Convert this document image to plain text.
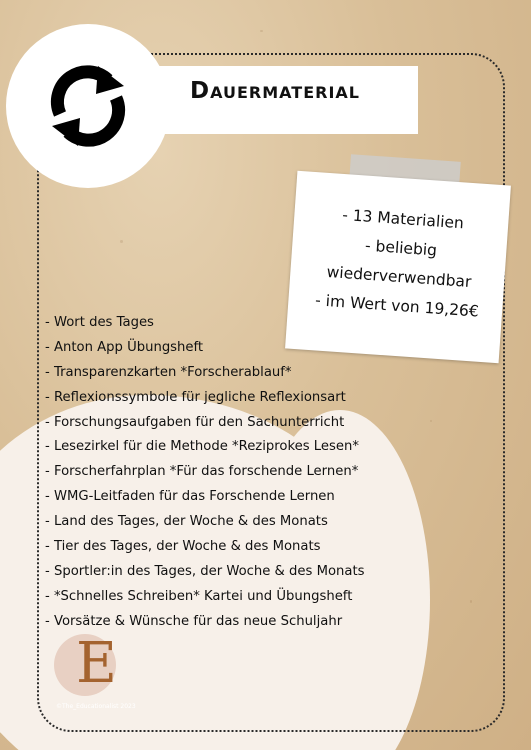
Dauermaterial
- 13 Materialien
- beliebig
wiederverwendbar
- im Wert von 19,26€
- Wort des Tages
- Anton App Übungsheft
- Transparenzkarten *Forscherablauf*
- Reflexionssymbole für jegliche Reflexionsart
- Forschungsaufgaben für den Sachunterricht
- Lesezirkel für die Methode *Reziprokes Lesen*
- Forscherfahrplan *Für das forschende Lernen*
- WMG-Leitfaden für das Forschende Lernen
- Land des Tages, der Woche & des Monats
- Tier des Tages, der Woche & des Monats
- Sportler:in des Tages, der Woche & des Monats
- *Schnelles Schreiben* Kartei und Übungsheft
- Vorsätze & Wünsche für das neue Schuljahr
E
©The_Educationalist 2023
